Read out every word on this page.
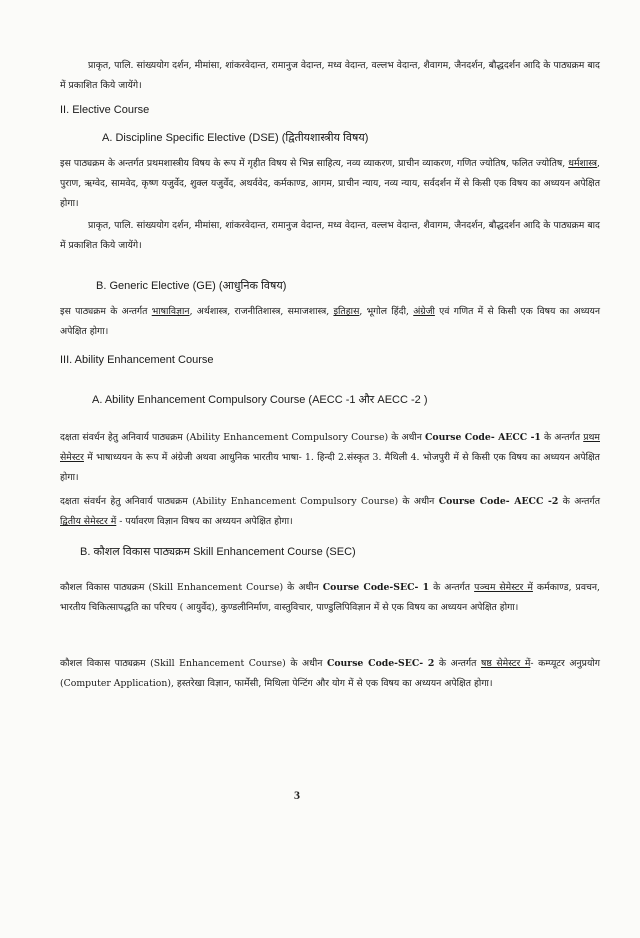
प्राकृत, पालि. सांख्ययोग दर्शन, मीमांसा, शांकरवेदान्त, रामानुज वेदान्त, मध्व वेदान्त, वल्लभ वेदान्त, शैवागम, जैनदर्शन, बौद्धदर्शन आदि के पाठ्यक्रम बाद में प्रकाशित किये जायेंगे।

II. Elective Course
A. Discipline Specific Elective (DSE) (द्वितीयशास्त्रीय विषय)

इस पाठ्यक्रम के अन्तर्गत प्रथमशास्त्रीय विषय के रूप में गृहीत विषय से भिन्न साहित्य, नव्य व्याकरण, प्राचीन व्याकरण, गणित ज्योतिष, फलित ज्योतिष, धर्मशास्त्र, पुराण, ऋग्वेद, सामवेद, कृष्ण यजुर्वेद, शुक्ल यजुर्वेद, अथर्ववेद, कर्मकाण्ड, आगम, प्राचीन न्याय, नव्य न्याय, सर्वदर्शन में से किसी एक विषय का अध्ययन अपेक्षित होगा।

प्राकृत, पालि. सांख्ययोग दर्शन, मीमांसा, शांकरवेदान्त, रामानुज वेदान्त, मध्व वेदान्त, वल्लभ वेदान्त, शैवागम, जैनदर्शन, बौद्धदर्शन आदि के पाठ्यक्रम बाद में प्रकाशित किये जायेंगे।

B. Generic Elective (GE) (आधुनिक विषय)

इस पाठ्यक्रम के अन्तर्गत भाषाविज्ञान, अर्थशास्त्र, राजनीतिशास्त्र, समाजशास्त्र, इतिहास, भूगोल हिंदी, अंग्रेजी एवं गणित में से किसी एक विषय का अध्ययन अपेक्षित होगा।

III. Ability Enhancement Course
A. Ability Enhancement Compulsory Course (AECC -1 और AECC -2 )

दक्षता संवर्धन हेतु अनिवार्य पाठ्यक्रम (Ability Enhancement Compulsory Course) के अधीन Course Code- AECC -1 के अन्तर्गत प्रथम सेमेस्टर में भाषाध्ययन के रूप में अंग्रेजी अथवा आधुनिक भारतीय भाषा- 1. हिन्दी 2.संस्कृत 3. मैथिली 4. भोजपुरी में से किसी एक विषय का अध्ययन अपेक्षित होगा।

दक्षता संवर्धन हेतु अनिवार्य पाठ्यक्रम (Ability Enhancement Compulsory Course) के अधीन Course Code- AECC -2 के अन्तर्गत द्वितीय सेमेस्टर में - पर्यावरण विज्ञान विषय का अध्ययन अपेक्षित होगा।

B. कौशल विकास पाठ्यक्रम Skill Enhancement Course (SEC)

कौशल विकास पाठ्यक्रम (Skill Enhancement Course) के अधीन Course Code-SEC- 1 के अन्तर्गत पञ्चम सेमेस्टर में कर्मकाण्ड, प्रवचन, भारतीय चिकित्सापद्धति का परिचय ( आयुर्वेद), कुण्डलीनिर्माण, वास्तुविचार, पाण्डुलिपिविज्ञान में से एक विषय का अध्ययन अपेक्षित होगा।

कौशल विकास पाठ्यक्रम (Skill Enhancement Course) के अधीन Course Code-SEC- 2 के अन्तर्गत षष्ठ सेमेस्टर में- कम्प्यूटर अनुप्रयोग (Computer Application), हस्तरेखा विज्ञान, फार्मेसी, मिथिला पेन्टिंग और योग में से एक विषय का अध्ययन अपेक्षित होगा।

3
